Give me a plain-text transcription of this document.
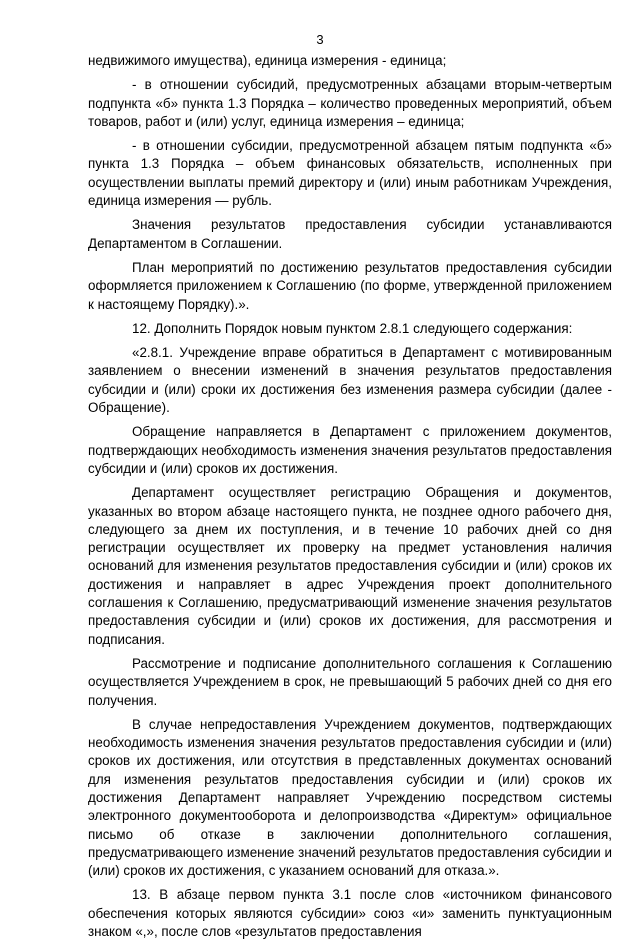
3

недвижимого имущества), единица измерения - единица;

- в отношении субсидий, предусмотренных абзацами вторым-четвертым подпункта «б» пункта 1.3 Порядка – количество проведенных мероприятий, объем товаров, работ и (или) услуг, единица измерения – единица;

- в отношении субсидии, предусмотренной абзацем пятым подпункта «б» пункта 1.3 Порядка – объем финансовых обязательств, исполненных при осуществлении выплаты премий директору и (или) иным работникам Учреждения, единица измерения — рубль.

Значения результатов предоставления субсидии устанавливаются Департаментом в Соглашении.

План мероприятий по достижению результатов предоставления субсидии оформляется приложением к Соглашению (по форме, утвержденной приложением к настоящему Порядку).».

12. Дополнить Порядок новым пунктом 2.8.1 следующего содержания:

«2.8.1. Учреждение вправе обратиться в Департамент с мотивированным заявлением о внесении изменений в значения результатов предоставления субсидии и (или) сроки их достижения без изменения размера субсидии (далее - Обращение).

Обращение направляется в Департамент с приложением документов, подтверждающих необходимость изменения значения результатов предоставления субсидии и (или) сроков их достижения.

Департамент осуществляет регистрацию Обращения и документов, указанных во втором абзаце настоящего пункта, не позднее одного рабочего дня, следующего за днем их поступления, и в течение 10 рабочих дней со дня регистрации осуществляет их проверку на предмет установления наличия оснований для изменения результатов предоставления субсидии и (или) сроков их достижения и направляет в адрес Учреждения проект дополнительного соглашения к Соглашению, предусматривающий изменение значения результатов предоставления субсидии и (или) сроков их достижения, для рассмотрения и подписания.

Рассмотрение и подписание дополнительного соглашения к Соглашению осуществляется Учреждением в срок, не превышающий 5 рабочих дней со дня его получения.

В случае непредоставления Учреждением документов, подтверждающих необходимость изменения значения результатов предоставления субсидии и (или) сроков их достижения, или отсутствия в представленных документах оснований для изменения результатов предоставления субсидии и (или) сроков их достижения Департамент направляет Учреждению посредством системы электронного документооборота и делопроизводства «Директум» официальное письмо об отказе в заключении дополнительного соглашения, предусматривающего изменение значений результатов предоставления субсидии и (или) сроков их достижения, с указанием оснований для отказа.».

13. В абзаце первом пункта 3.1 после слов «источником финансового обеспечения которых являются субсидии» союз «и» заменить пунктуационным знаком «,», после слов «результатов предоставления
